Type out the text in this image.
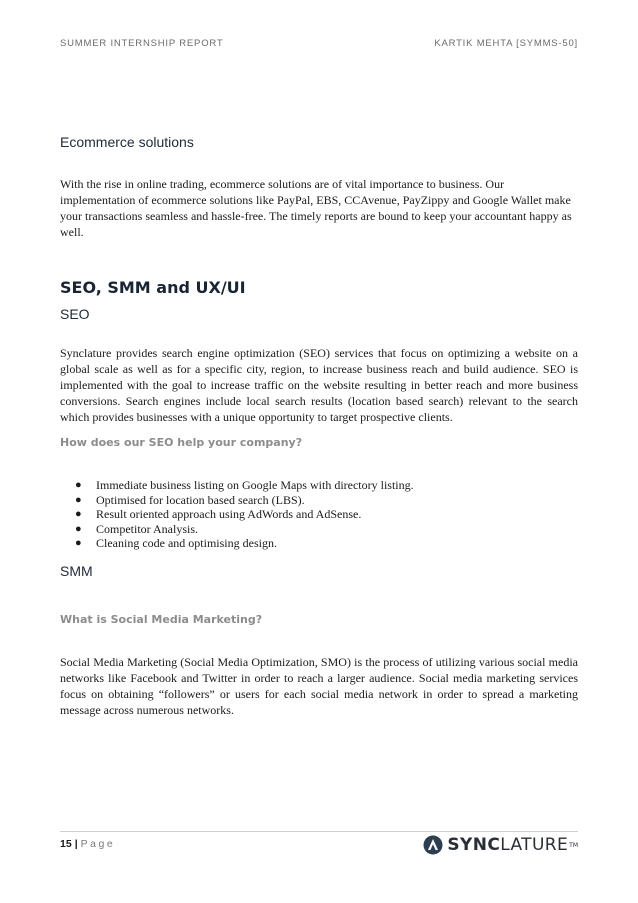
SUMMER INTERNSHIP REPORT	KARTIK MEHTA [SYMMS-50]

Ecommerce solutions

With the rise in online trading, ecommerce solutions are of vital importance to business. Our implementation of ecommerce solutions like PayPal, EBS, CCAvenue, PayZippy and Google Wallet make your transactions seamless and hassle-free. The timely reports are bound to keep your accountant happy as well.

SEO, SMM and UX/UI

SEO

Synclature provides search engine optimization (SEO) services that focus on optimizing a website on a global scale as well as for a specific city, region, to increase business reach and build audience. SEO is implemented with the goal to increase traffic on the website resulting in better reach and more business conversions. Search engines include local search results (location based search) relevant to the search which provides businesses with a unique opportunity to target prospective clients.

How does our SEO help your company?

● Immediate business listing on Google Maps with directory listing.
● Optimised for location based search (LBS).
● Result oriented approach using AdWords and AdSense.
● Competitor Analysis.
● Cleaning code and optimising design.

SMM

What is Social Media Marketing?

Social Media Marketing (Social Media Optimization, SMO) is the process of utilizing various social media networks like Facebook and Twitter in order to reach a larger audience. Social media marketing services focus on obtaining “followers” or users for each social media network in order to spread a marketing message across numerous networks.

15 | Page	SYNCLATURE TM
